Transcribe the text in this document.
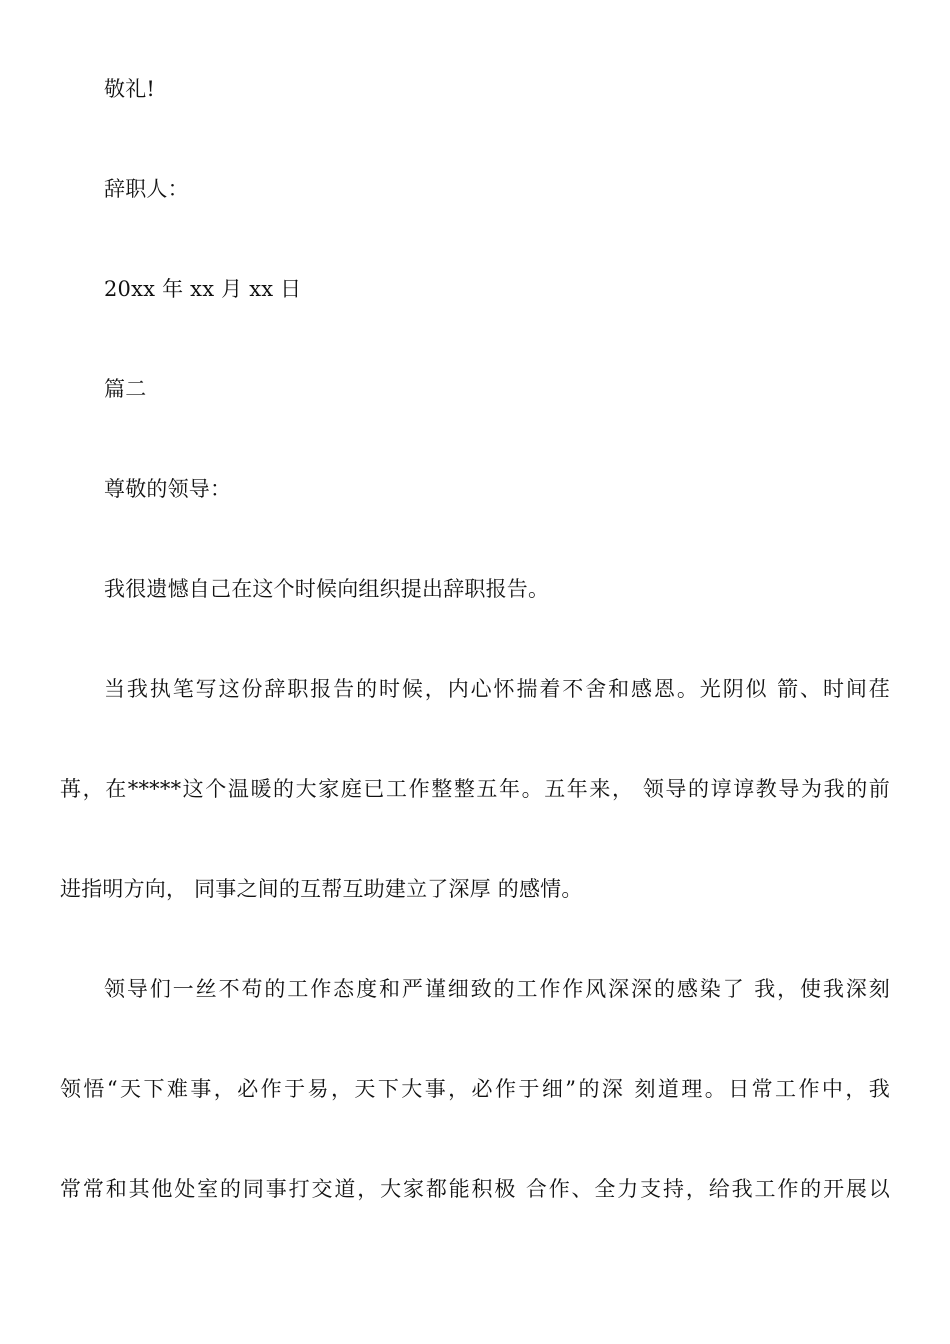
敬礼!
辞职人：
20xx 年 xx 月 xx 日
篇二
尊敬的领导：
我很遗憾自己在这个时候向组织提出辞职报告。
当我执笔写这份辞职报告的时候，内心怀揣着不舍和感恩。光阴似 箭、时间荏
苒，在*****这个温暖的大家庭已工作整整五年。五年来， 领导的谆谆教导为我的前
进指明方向， 同事之间的互帮互助建立了深厚 的感情。
领导们一丝不苟的工作态度和严谨细致的工作作风深深的感染了 我，使我深刻
领悟“天下难事，必作于易，天下大事，必作于细”的深 刻道理。日常工作中，我
常常和其他处室的同事打交道，大家都能积极 合作、全力支持，给我工作的开展以
